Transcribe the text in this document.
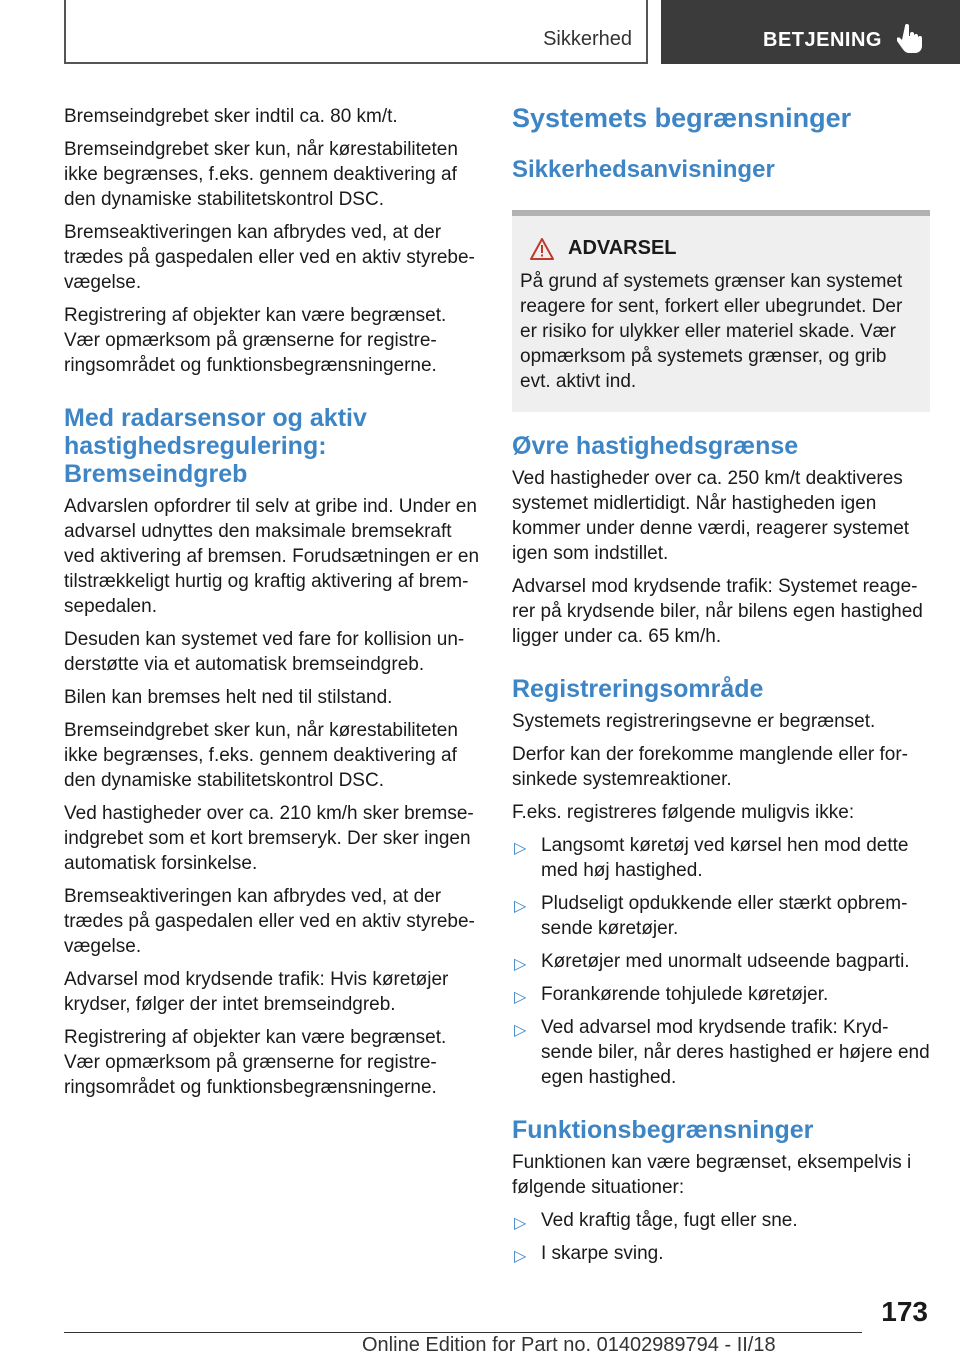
Sikkerhed	BETJENING

Bremseindgrebet sker indtil ca. 80 km/t.

Bremseindgrebet sker kun, når kørestabiliteten ikke begrænses, f.eks. gennem deaktivering af den dynamiske stabilitetskontrol DSC.

Bremseaktiveringen kan afbrydes ved, at der trædes på gaspedalen eller ved en aktiv styrebe‐vægelse.

Registrering af objekter kan være begrænset. Vær opmærksom på grænserne for registre‐ringsområdet og funktionsbegrænsningerne.

Med radarsensor og aktiv hastighedsregulering: Bremseindgreb

Advarslen opfordrer til selv at gribe ind. Under en advarsel udnyttes den maksimale bremsekraft ved aktivering af bremsen. Forudsætningen er en tilstrækkeligt hurtig og kraftig aktivering af brem‐sepedalen.

Desuden kan systemet ved fare for kollision un‐derstøtte via et automatisk bremseindgreb.

Bilen kan bremses helt ned til stilstand.

Bremseindgrebet sker kun, når kørestabiliteten ikke begrænses, f.eks. gennem deaktivering af den dynamiske stabilitetskontrol DSC.

Ved hastigheder over ca. 210 km/h sker bremse‐indgrebet som et kort bremseryk. Der sker ingen automatisk forsinkelse.

Bremseaktiveringen kan afbrydes ved, at der trædes på gaspedalen eller ved en aktiv styrebe‐vægelse.

Advarsel mod krydsende trafik: Hvis køretøjer krydser, følger der intet bremseindgreb.

Registrering af objekter kan være begrænset. Vær opmærksom på grænserne for registre‐ringsområdet og funktionsbegrænsningerne.

Systemets begrænsninger
Sikkerhedsanvisninger
ADVARSEL

På grund af systemets grænser kan systemet reagere for sent, forkert eller ubegrundet. Der er risiko for ulykker eller materiel skade. Vær opmærksom på systemets grænser, og grib evt. aktivt ind.

Øvre hastighedsgrænse

Ved hastigheder over ca. 250 km/t deaktiveres systemet midlertidigt. Når hastigheden igen kommer under denne værdi, reagerer systemet igen som indstillet.

Advarsel mod krydsende trafik: Systemet reage‐rer på krydsende biler, når bilens egen hastighed ligger under ca. 65 km/h.

Registreringsområde

Systemets registreringsevne er begrænset.

Derfor kan der forekomme manglende eller for‐sinkede systemreaktioner.

F.eks. registreres følgende muligvis ikke:

▷ Langsomt køretøj ved kørsel hen mod dette med høj hastighed.
▷ Pludseligt opdukkende eller stærkt opbrem‐sende køretøjer.
▷ Køretøjer med unormalt udseende bagparti.
▷ Forankørende tohjulede køretøjer.
▷ Ved advarsel mod krydsende trafik: Kryd‐sende biler, når deres hastighed er højere end egen hastighed.
Funktionsbegrænsninger

Funktionen kan være begrænset, eksempelvis i følgende situationer:

▷ Ved kraftig tåge, fugt eller sne.
▷ I skarpe sving.
173
Online Edition for Part no. 01402989794 - II/18
